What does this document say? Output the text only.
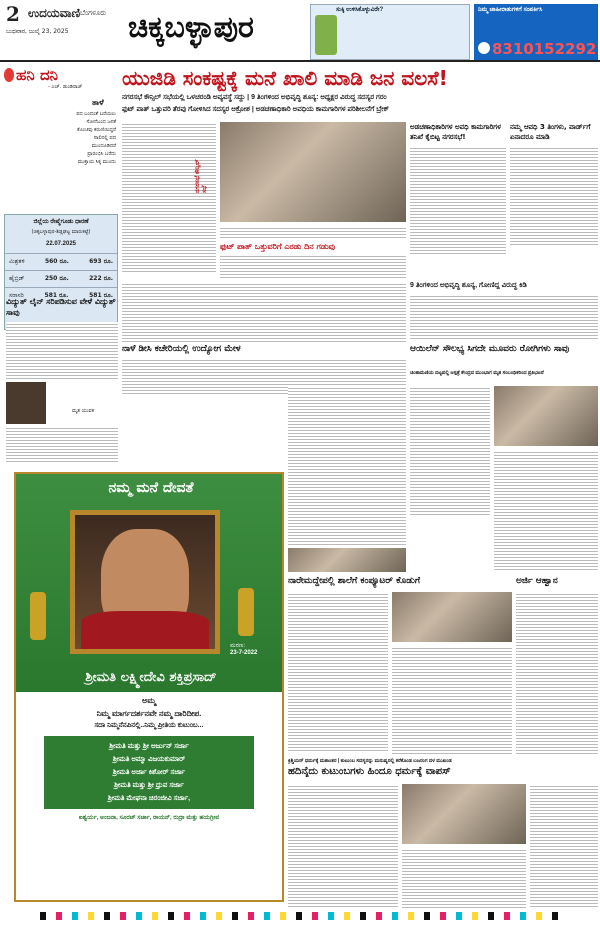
2 ಉದಯವಾಣಿ ಬೆಂಗಳೂರು
ಬುಧವಾರ, ಜುಲೈ 23, 2025 ಚಿಕ್ಕಬಳ್ಳಾಪುರ	ಸುಕ್ಕಿ ಉಳಿಸಿಕೊಳ್ಳುವಿರೇ?	ನಿಮ್ಮ ಜಾಹೀರಾತುಗಳಿಗೆ ಸಂಪರ್ಕಿಸಿ
8310152292
ಹನಿ ದನಿ
- ಎಚ್. ಡುಂಡಿರಾಜ್
ತಾಳೆ
ಪದ ಬಂದಂತೆ ಬರೆಯಲು
ಸೋನೆಬಂದ ಜನಕೆ
ಕೊಂಚವು ಕರುಣಿಯಿದ್ದರೆ
ಸಾಲಿನಲ್ಲಿ ಪದ
ಮುಂದೂಡಿದರೆ
ಪ್ರಾರಂಭಿಸಿ ಬರೆದು
ಮುಕ್ತಾಯ ಸಿಕ್ಕ ಮುಂದು
ಜಿಲ್ಲೆಯ ರೇಷ್ಮೆಗೂಡು ಧಾರಣೆ
(ಚಿಕ್ಕಬಳ್ಳಾಪುರ-ಶಿಡ್ಲಘಟ್ಟ ಮಾರುಕಟ್ಟೆ)
22.07.2025
ಮಿಶ್ರತಳಿ	560 ರೂ.	693 ರೂ.
ಹೈಬ್ರಿಡ್	250 ರೂ.	222 ರೂ.
ಸರಾಸರಿ	581 ರೂ.	581 ರೂ.
ವಿದ್ಯುತ್ ಲೈನ್ ಸರಿಪಡಿಸುವ ವೇಳೆ ವಿದ್ಯುತ್ ಸಾವು
ಮೃತ ಯುವಕ
ಯುಜಿಡಿ ಸಂಕಷ್ಟಕ್ಕೆ ಮನೆ ಖಾಲಿ ಮಾಡಿ ಜನ ವಲಸೆ!
ನಗರಸಭೆ ಕೌನ್ಸಿಲ್ ಸಭೆಯಲ್ಲಿ ಒಳಚರಂಡಿ ಅವ್ಯವಸ್ಥೆ ಸದ್ದು | 9 ತಿಂಗಳಿಂದ ಅಭಿವೃದ್ಧಿ ಶೂನ್ಯ: ಅಧ್ಯಕ್ಷರ ವಿರುದ್ಧ ಸದಸ್ಯರ ಗರಂ
ಫುಟ್ ಪಾತ್ ಒತ್ತುವರಿ ತೆರವು ಗೋಳಿಸಿದ ಸದಸ್ಯರ ಆಕ್ರೋಶ | ಅಡಚಣಾಧಿಕಾರಿ ಅವಧಿಯ ಕಾಮಗಾರಿಗಳ ಪರಿಶೀಲನೆಗೆ ಬ್ರೇಕ್
ನಗರಸಭೆ ಕೌನ್ಸಿಲ್ ಸಭೆ
ಫುಟ್ ಪಾತ್ ಒತ್ತುವರಿಗೆ ಎರಡು ದಿನ ಗಡುವು
ಅಡಚಣಾಧಿಕಾರಿಗಳ ಅವಧಿ ಕಾಮಗಾರಿಗಳ ತನಿಖೆ ಕೈಬಿಟ್ಟ ನಗರಸಭೆ!
ನಮ್ಮ ಆವಧಿ 3 ತಿಂಗಳು, ವಾರ್ಡ್‌ಗೆ ಏನಾದರೂ ಮಾಡಿ
9 ತಿಂಗಳಿಂದ ಅಭಿವೃದ್ಧಿ ಶೂನ್ಯ, ಗೋಣಿದ್ದ ವಿರುದ್ಧ ಕಿಡಿ
ನಾಳೆ ಡೀಸಿ ಕಚೇರಿಯಲ್ಲಿ ಉದ್ಯೋಗ ಮೇಳ	ಆಯಿಲೆನ್ ಸೌಲಭ್ಯ ಸಿಗದೇ ಮೂವರು ರೋಗಿಗಳು ಸಾವು
ಚಿಂತಾಮಣಿಯ ಬಿಟ್ಟಪಲ್ಲಿ ಆಸ್ಪತ್ರೆ ಕೇಂದ್ರದ ಮುಂಭಾಗ ಮೃತ ಸಂಬಂಧಿಕರಿಂದ ಪ್ರತಿಭಟನೆ
ನಮ್ಮ ಮನೆ ದೇವತೆ
ಮರಣ:
23-7-2022
ಶ್ರೀಮತಿ ಲಕ್ಷ್ಮೀದೇವಿ ಶಕ್ತಿಪ್ರಸಾದ್
ಅಮ್ಮ
ನಿಮ್ಮ ಮಾರ್ಗದರ್ಶನವೇ ನಮ್ಮ ದಾರಿದೀಪ.
ಸದಾ ನಿಮ್ಮನೆನಪಿನಲ್ಲಿ..ನಿಮ್ಮ ಪ್ರೀತಿಯ ಕುಟುಂಬ...
ಶ್ರೀಮತಿ ಮತ್ತು ಶ್ರೀ ಅರ್ಜುನ್ ಸರ್ಜಾ
ಶ್ರೀಮತಿ ಅಮ್ಮಾ ವಿಜಯಕುಮಾರ್
ಶ್ರೀಮತಿ ಅರ್ಜಾ ಕಿಶೋರ್ ಸರ್ಜಾ
ಶ್ರೀಮತಿ ಮತ್ತು ಶ್ರೀ ಧ್ರುವ ಸರ್ಜಾ
ಶ್ರೀಮತಿ ಮೇಘನಾ ಚಿರಂಜೀವಿ ಸರ್ಜಾ,
ಐಶ್ವರ್ಯ, ಅಂಜನಾ, ಸೂರಜ್ ಸರ್ಜಾ, ರಾಯನ್, ರುದ್ರಾ ಮತ್ತು ಹಯಗ್ರೀವ
ನಾರೇಮದ್ದೇಪಲ್ಲಿ ಶಾಲೆಗೆ ಕಂಪ್ಯೂಟರ್ ಕೊಡುಗೆ	ಅರ್ಜಿ ಆಹ್ವಾನ
ಕ್ರಿಶ್ಚಿಯನ್ ಧರ್ಮಕ್ಕೆ ಮತಾಂತರ | ಕುಟುಂಬ ಸದಸ್ಯರನ್ನು ಮನುಷ್ಯರಲ್ಲಿ ಕರೆಕೊಂಡ ಬಜರಂಗ ದಳ ಮುಖಂಡ
ಹದಿನೈದು ಕುಟುಂಬಗಳು ಹಿಂದೂ ಧರ್ಮಕ್ಕೆ ವಾಪಸ್
